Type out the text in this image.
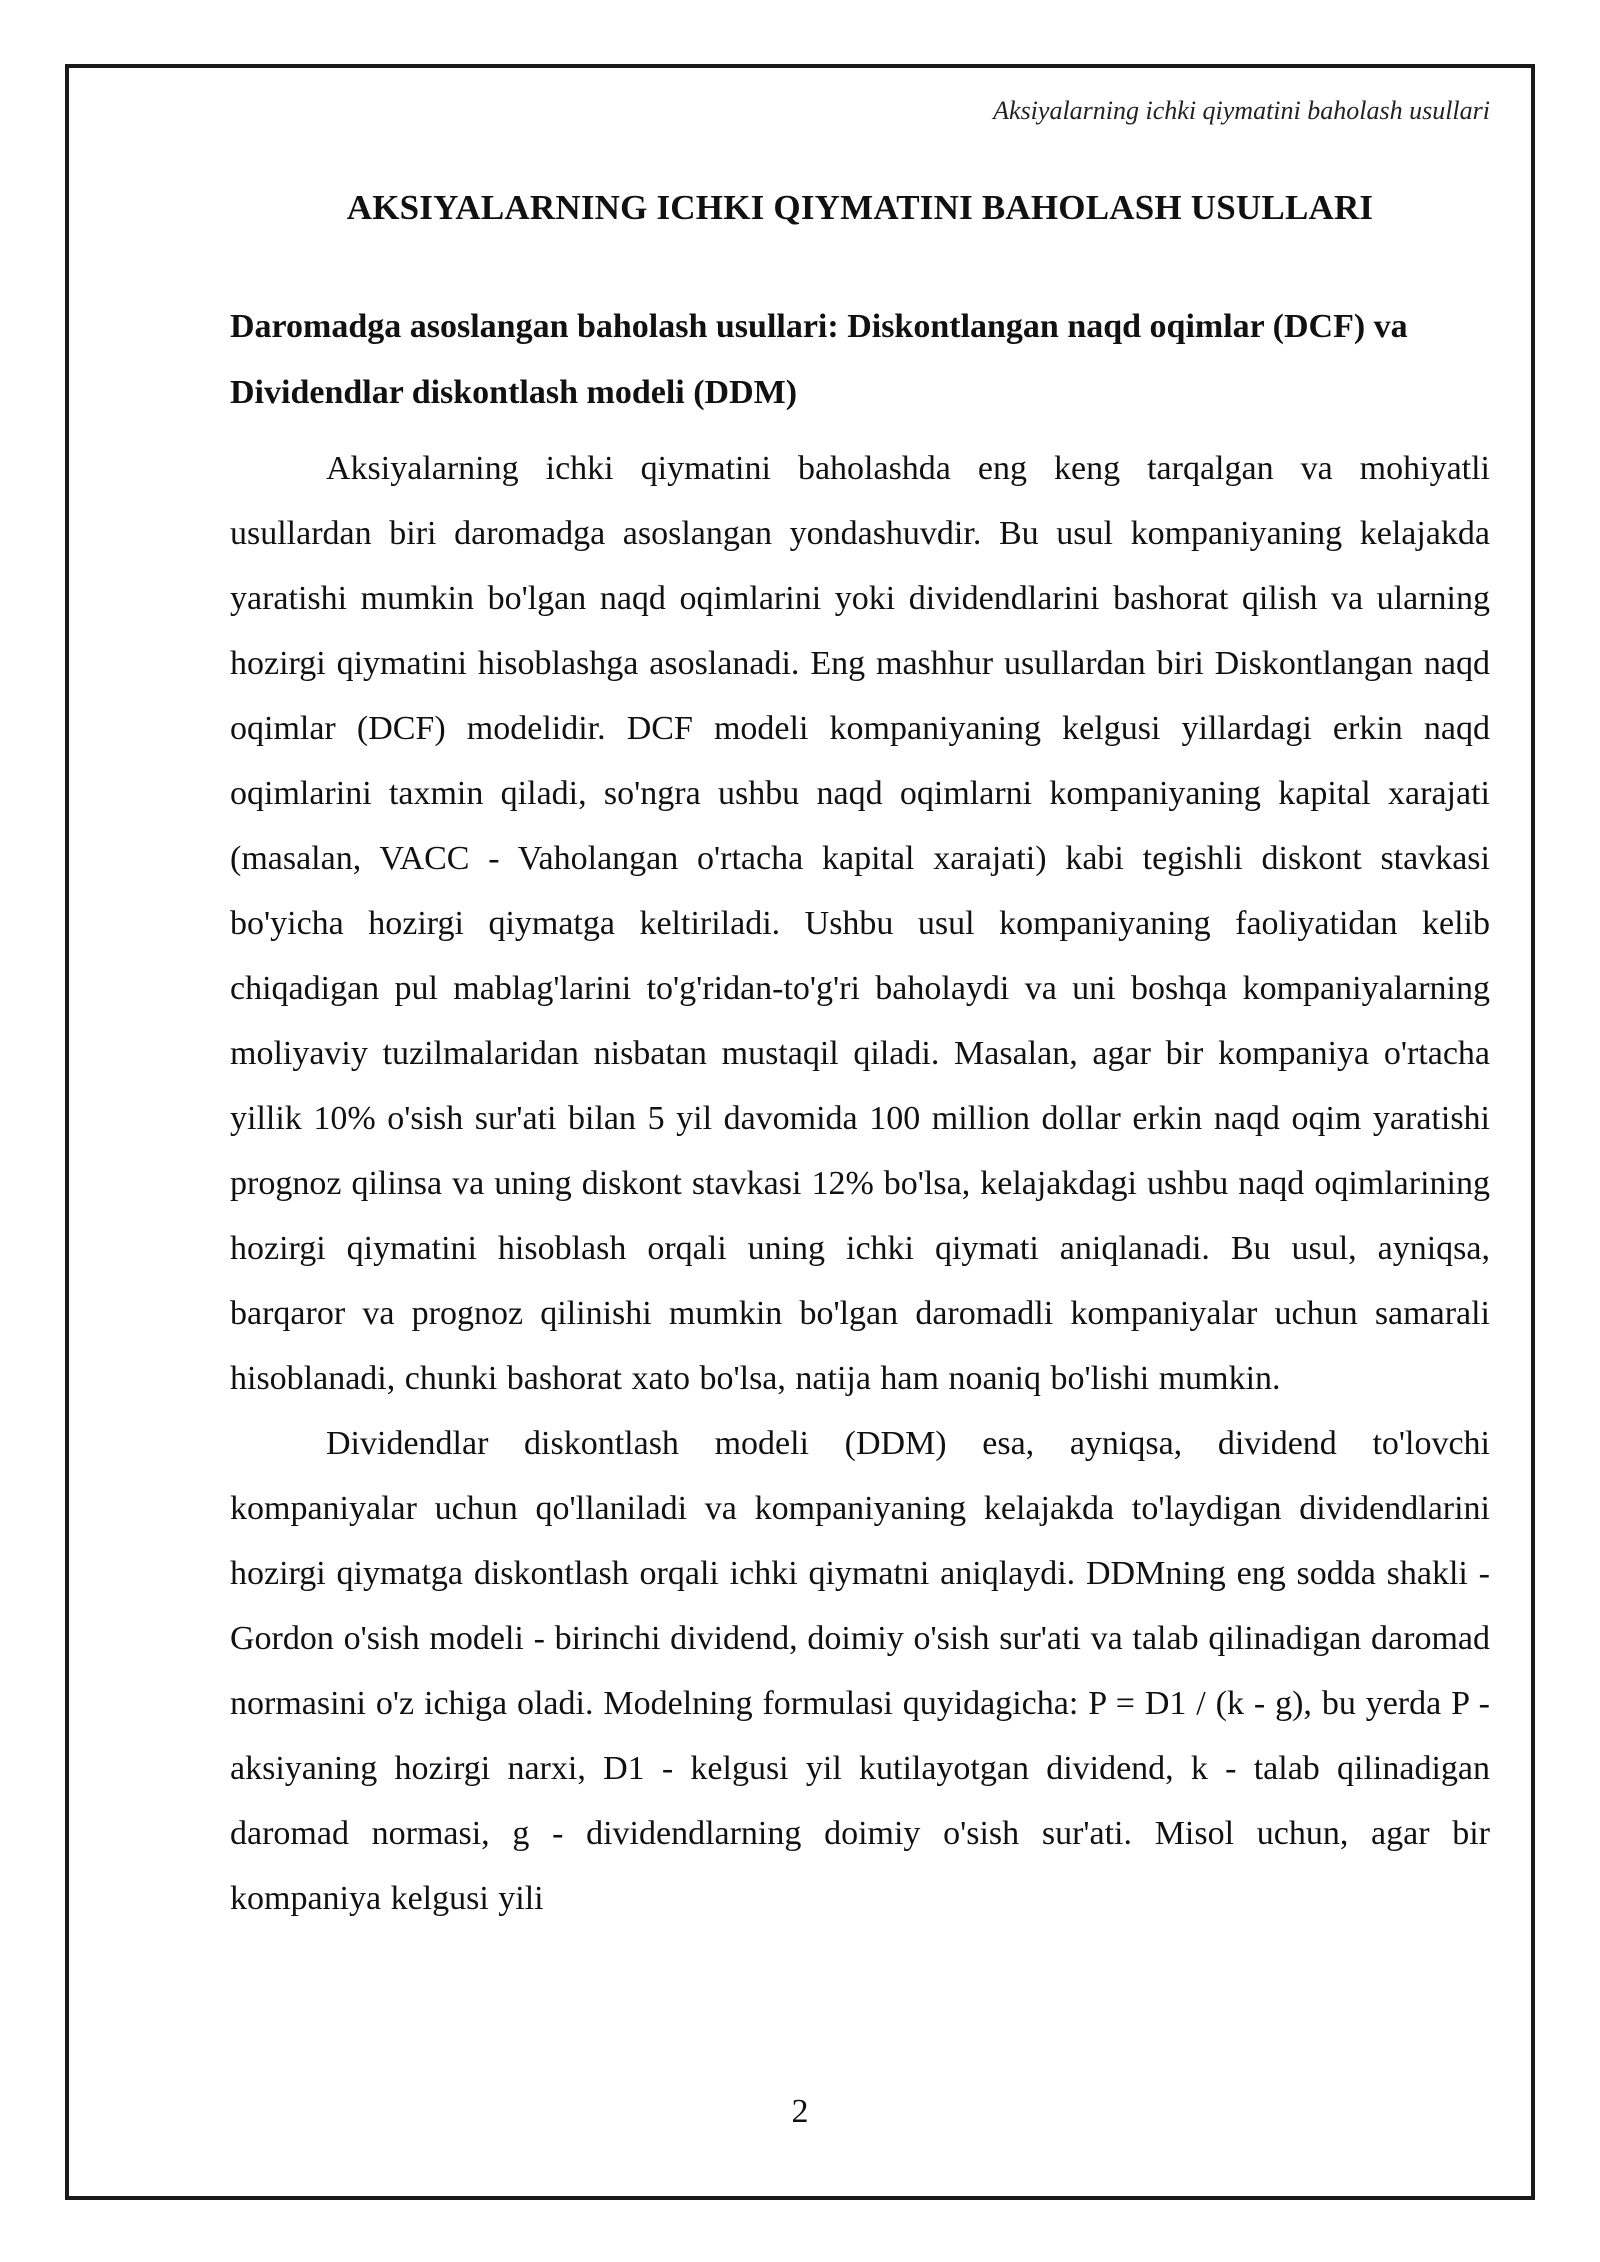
Aksiyalarning ichki qiymatini baholash usullari
AKSIYALARNING ICHKI QIYMATINI BAHOLASH USULLARI
Daromadga asoslangan baholash usullari: Diskontlangan naqd oqimlar (DCF) va Dividendlar diskontlash modeli (DDM)

Aksiyalarning ichki qiymatini baholashda eng keng tarqalgan va mohiyatli usullardan biri daromadga asoslangan yondashuvdir. Bu usul kompaniyaning kelajakda yaratishi mumkin bo'lgan naqd oqimlarini yoki dividendlarini bashorat qilish va ularning hozirgi qiymatini hisoblashga asoslanadi. Eng mashhur usullardan biri Diskontlangan naqd oqimlar (DCF) modelidir. DCF modeli kompaniyaning kelgusi yillardagi erkin naqd oqimlarini taxmin qiladi, so'ngra ushbu naqd oqimlarni kompaniyaning kapital xarajati (masalan, VACC - Vaholangan o'rtacha kapital xarajati) kabi tegishli diskont stavkasi bo'yicha hozirgi qiymatga keltiriladi. Ushbu usul kompaniyaning faoliyatidan kelib chiqadigan pul mablag'larini to'g'ridan-to'g'ri baholaydi va uni boshqa kompaniyalarning moliyaviy tuzilmalaridan nisbatan mustaqil qiladi. Masalan, agar bir kompaniya o'rtacha yillik 10% o'sish sur'ati bilan 5 yil davomida 100 million dollar erkin naqd oqim yaratishi prognoz qilinsa va uning diskont stavkasi 12% bo'lsa, kelajakdagi ushbu naqd oqimlarining hozirgi qiymatini hisoblash orqali uning ichki qiymati aniqlanadi. Bu usul, ayniqsa, barqaror va prognoz qilinishi mumkin bo'lgan daromadli kompaniyalar uchun samarali hisoblanadi, chunki bashorat xato bo'lsa, natija ham noaniq bo'lishi mumkin.

Dividendlar diskontlash modeli (DDM) esa, ayniqsa, dividend to'lovchi kompaniyalar uchun qo'llaniladi va kompaniyaning kelajakda to'laydigan dividendlarini hozirgi qiymatga diskontlash orqali ichki qiymatni aniqlaydi. DDMning eng sodda shakli - Gordon o'sish modeli - birinchi dividend, doimiy o'sish sur'ati va talab qilinadigan daromad normasini o'z ichiga oladi. Modelning formulasi quyidagicha: P = D1 / (k - g), bu yerda P - aksiyaning hozirgi narxi, D1 - kelgusi yil kutilayotgan dividend, k - talab qilinadigan daromad normasi, g - dividendlarning doimiy o'sish sur'ati. Misol uchun, agar bir kompaniya kelgusi yili

2
